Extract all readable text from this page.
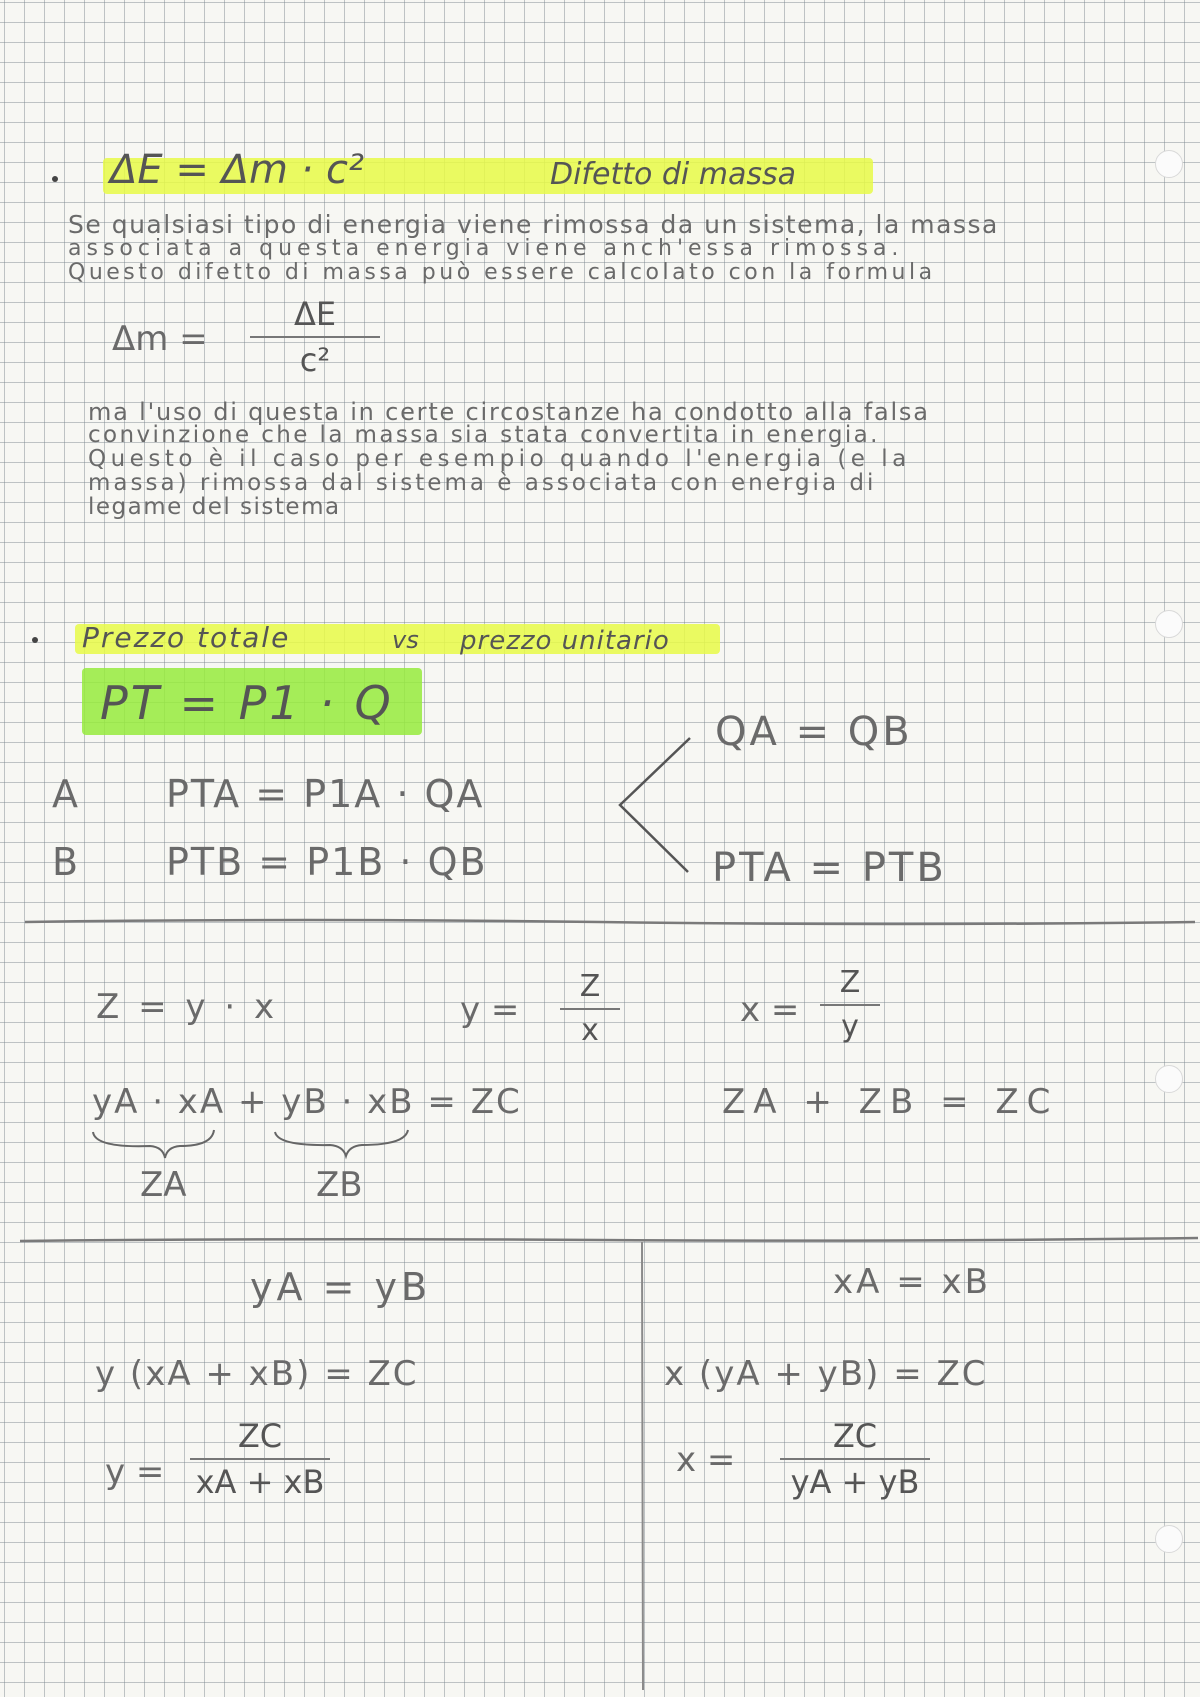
ΔE = Δm · c²	Difetto di massa
Se qualsiasi tipo di energia viene rimossa da un sistema, la massa
associata a questa energia viene anch'essa rimossa.
Questo difetto di massa può essere calcolato con la formula
Δm =
ΔE
c²
ma l'uso di questa in certe circostanze ha condotto alla falsa
convinzione che la massa sia stata convertita in energia.
Questo è il caso per esempio quando l'energia (e la
massa) rimossa dal sistema è associata con energia di
legame del sistema
Prezzo totale	vs prezzo unitario
PT = P1 · Q
A PTA = P1A · QA
B PTB = P1B · QB
QA = QB
PTA = PTB
Z = y · x	y =
Z
x
x =
Z
y
yA · xA + yB · xB = ZC
ZA	ZB
ZA + ZB = ZC
yA = yB
y (xA + xB) = ZC
y =
ZC
xA + xB
xA = xB
x (yA + yB) = ZC
x =
ZC
yA + yB
